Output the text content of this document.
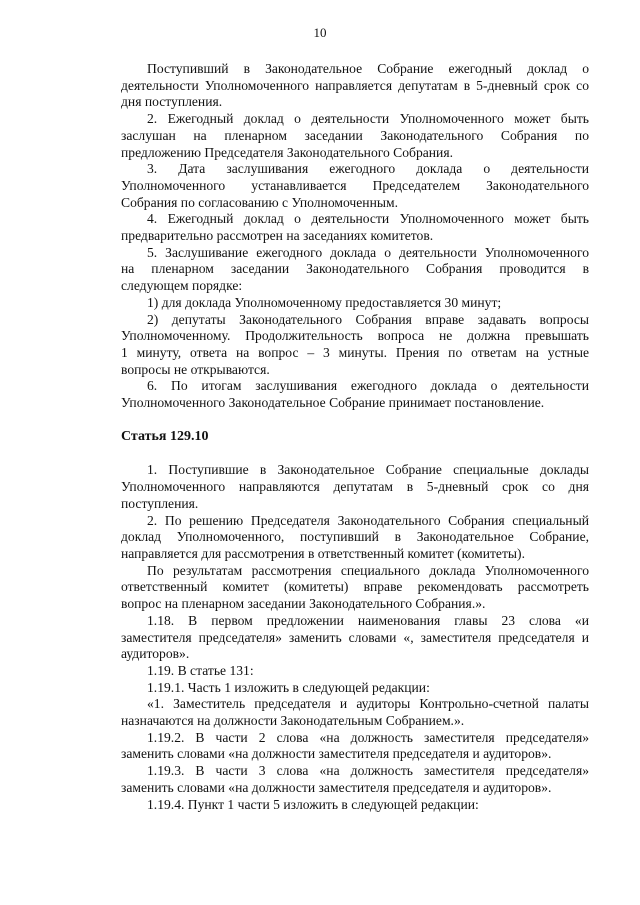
10

Поступивший в Законодательное Собрание ежегодный доклад о

деятельности Уполномоченного направляется депутатам в 5-дневный срок со

дня поступления.

2. Ежегодный доклад о деятельности Уполномоченного может быть

заслушан на пленарном заседании Законодательного Собрания по

предложению Председателя Законодательного Собрания.

3. Дата заслушивания ежегодного доклада о деятельности

Уполномоченного устанавливается Председателем Законодательного

Собрания по согласованию с Уполномоченным.

4. Ежегодный доклад о деятельности Уполномоченного может быть

предварительно рассмотрен на заседаниях комитетов.

5. Заслушивание ежегодного доклада о деятельности Уполномоченного

на пленарном заседании Законодательного Собрания проводится в

следующем порядке:

1) для доклада Уполномоченному предоставляется 30 минут;

2) депутаты Законодательного Собрания вправе задавать вопросы

Уполномоченному. Продолжительность вопроса не должна превышать

1 минуту, ответа на вопрос – 3 минуты. Прения по ответам на устные

вопросы не открываются.

6. По итогам заслушивания ежегодного доклада о деятельности

Уполномоченного Законодательное Собрание принимает постановление.

Статья 129.10

1. Поступившие в Законодательное Собрание специальные доклады

Уполномоченного направляются депутатам в 5-дневный срок со дня

поступления.

2. По решению Председателя Законодательного Собрания специальный

доклад Уполномоченного, поступивший в Законодательное Собрание,

направляется для рассмотрения в ответственный комитет (комитеты).

По результатам рассмотрения специального доклада Уполномоченного

ответственный комитет (комитеты) вправе рекомендовать рассмотреть

вопрос на пленарном заседании Законодательного Собрания.».

1.18. В первом предложении наименования главы 23 слова «и

заместителя председателя» заменить словами «, заместителя председателя и

аудиторов».

1.19. В статье 131:

1.19.1. Часть 1 изложить в следующей редакции:

«1. Заместитель председателя и аудиторы Контрольно-счетной палаты

назначаются на должности Законодательным Собранием.».

1.19.2. В части 2 слова «на должность заместителя председателя»

заменить словами «на должности заместителя председателя и аудиторов».

1.19.3. В части 3 слова «на должность заместителя председателя»

заменить словами «на должности заместителя председателя и аудиторов».

1.19.4. Пункт 1 части 5 изложить в следующей редакции:
